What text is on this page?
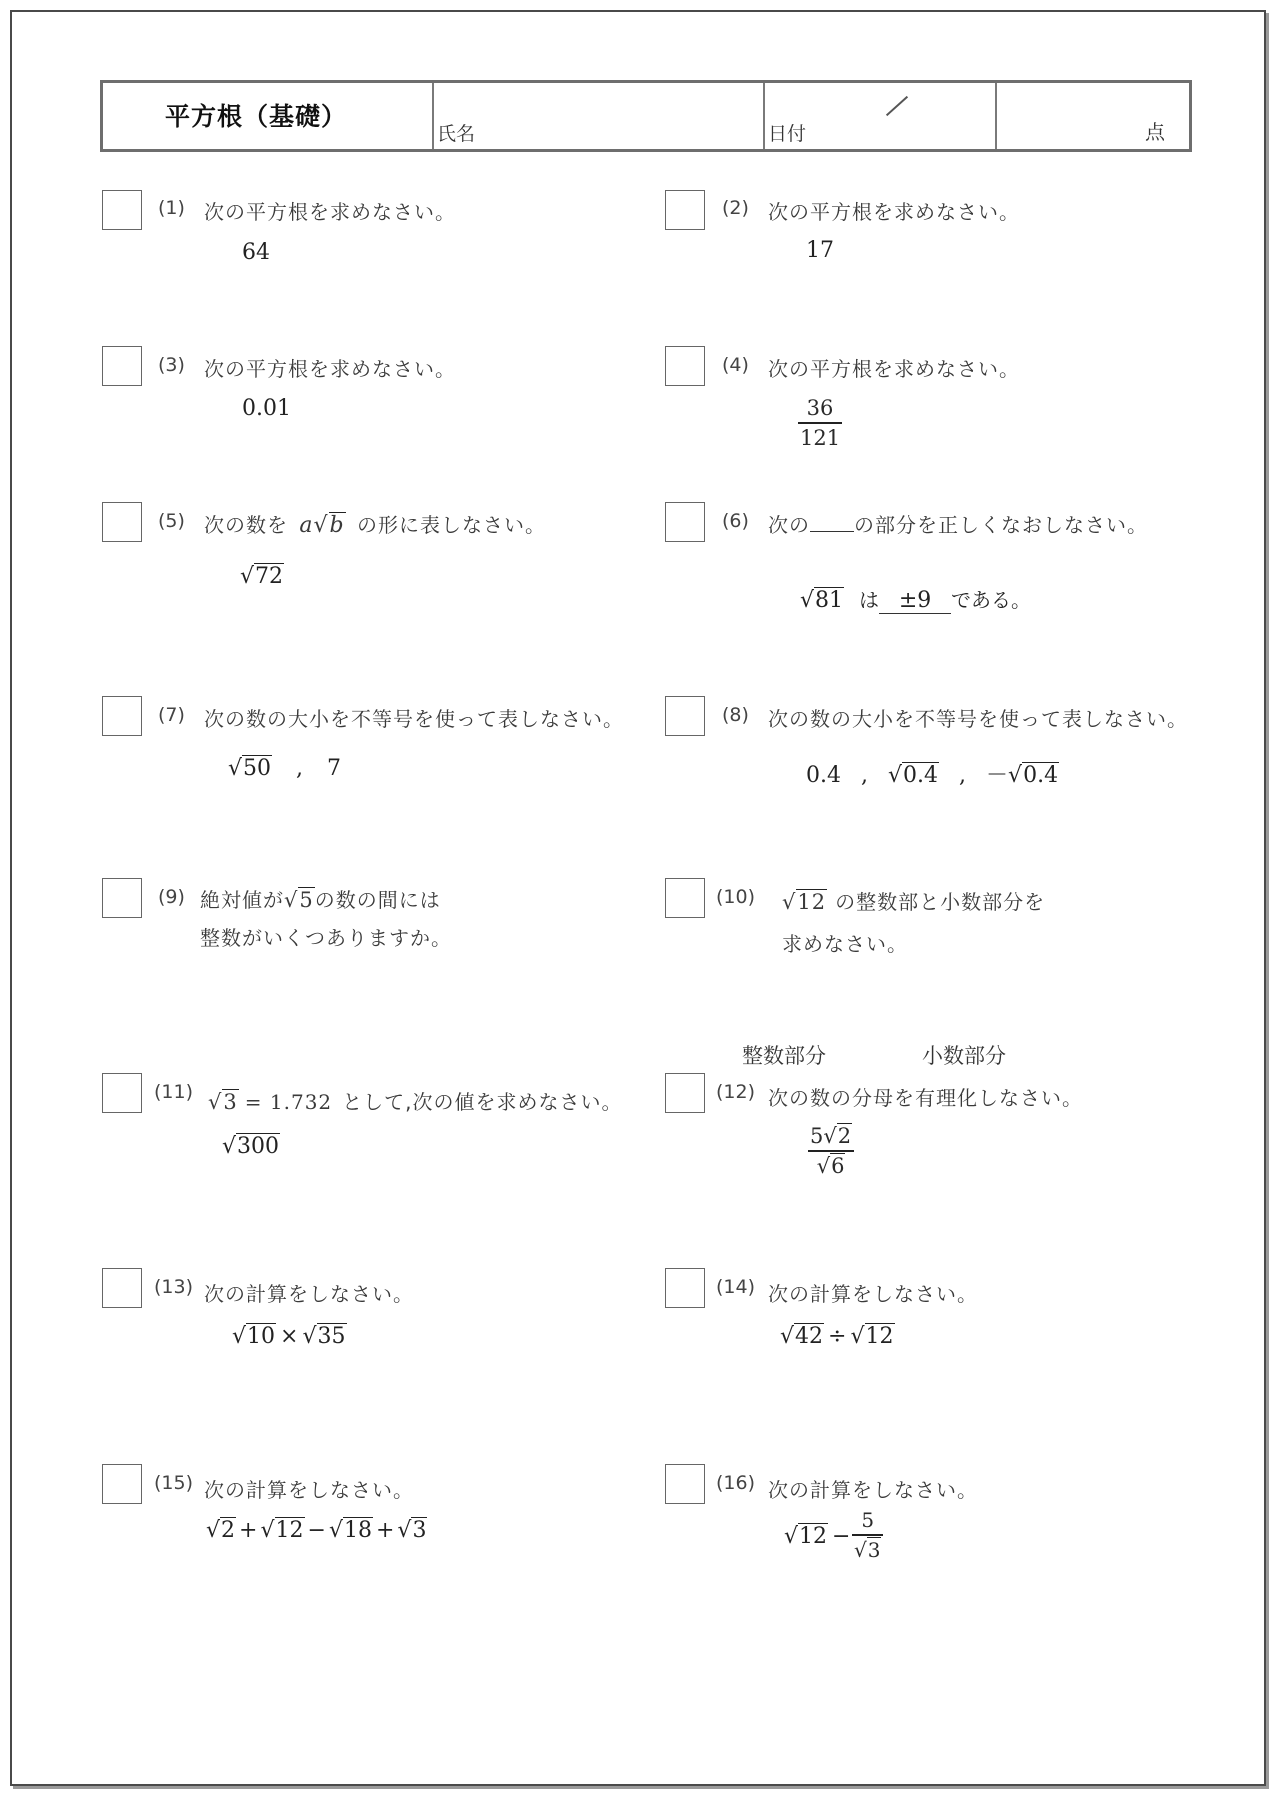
平方根（基礎）
氏名	日付	点
(1) 次の平方根を求めなさい。
64
(2) 次の平方根を求めなさい。
17
(3) 次の平方根を求めなさい。
0.01
(4) 次の平方根を求めなさい。
36
121
(5) 次の数を a√b の形に表しなさい。
√72
(6) 次の の部分を正しくなおしなさい。
√81 は ±9 である。
(7) 次の数の大小を不等号を使って表しなさい。
√50 , 7
(8) 次の数の大小を不等号を使って表しなさい。
0.4 , √0.4 , －√0.4
(9) 絶対値が√5の数の間には
整数がいくつありますか。
(10) √12 の整数部と小数部分を
求めなさい。
整数部分	小数部分
(11) √3 = 1.732 として,次の値を求めなさい。
√300
(12) 次の数の分母を有理化しなさい。
5√2
√6
(13) 次の計算をしなさい。
√10 × √35
(14) 次の計算をしなさい。
√42 ÷ √12
(15) 次の計算をしなさい。
√2 + √12 − √18 + √3
(16) 次の計算をしなさい。
√12 −
5
√3
